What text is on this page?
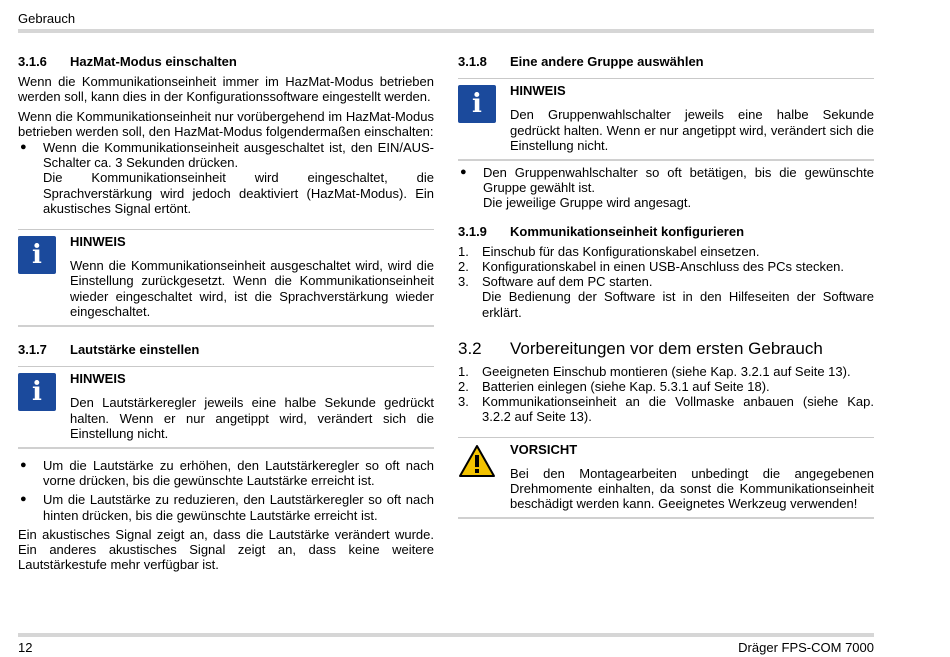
Gebrauch
3.1.6	HazMat-Modus einschalten

Wenn die Kommunikationseinheit immer im HazMat-Modus betrieben werden soll, kann dies in der Konfigurationssoftware eingestellt werden.

Wenn die Kommunikationseinheit nur vorübergehend im HazMat-Modus betrieben werden soll, den HazMat-Modus folgendermaßen einschalten:

●	Wenn die Kommunikationseinheit ausgeschaltet ist, den EIN/AUS-Schalter ca. 3 Sekunden drücken.

Die Kommunikationseinheit wird eingeschaltet, die Sprachverstärkung wird jedoch deaktiviert (HazMat-Modus). Ein akustisches Signal ertönt.

i	HINWEIS

Wenn die Kommunikationseinheit ausgeschaltet wird, wird die Einstellung zurückgesetzt. Wenn die Kommunikationseinheit wieder eingeschaltet wird, ist die Sprachverstärkung wieder eingeschaltet.

3.1.7	Lautstärke einstellen
i	HINWEIS

Den Lautstärkeregler jeweils eine halbe Sekunde gedrückt halten. Wenn er nur angetippt wird, verändert sich die Einstellung nicht.

●	Um die Lautstärke zu erhöhen, den Lautstärkeregler so oft nach vorne drücken, bis die gewünschte Lautstärke erreicht ist.

●	Um die Lautstärke zu reduzieren, den Lautstärkeregler so oft nach hinten drücken, bis die gewünschte Lautstärke erreicht ist.

Ein akustisches Signal zeigt an, dass die Lautstärke verändert wurde. Ein anderes akustisches Signal zeigt an, dass keine weitere Lautstärkestufe mehr verfügbar ist.

3.1.8	Eine andere Gruppe auswählen
i	HINWEIS

Den Gruppenwahlschalter jeweils eine halbe Sekunde gedrückt halten. Wenn er nur angetippt wird, verändert sich die Einstellung nicht.

●	Den Gruppenwahlschalter so oft betätigen, bis die gewünschte Gruppe gewählt ist.

Die jeweilige Gruppe wird angesagt.

3.1.9	Kommunikationseinheit konfigurieren
1.	Einschub für das Konfigurationskabel einsetzen.
2.	Konfigurationskabel in einen USB-Anschluss des PCs stecken.
3.	Software auf dem PC starten.

Die Bedienung der Software ist in den Hilfeseiten der Software erklärt.

3.2	Vorbereitungen vor dem ersten Gebrauch
1.	Geeigneten Einschub montieren (siehe Kap. 3.2.1 auf Seite 13).
2.	Batterien einlegen (siehe Kap. 5.3.1 auf Seite 18).
3.	Kommunikationseinheit an die Vollmaske anbauen (siehe Kap. 3.2.2 auf Seite 13).
VORSICHT

Bei den Montagearbeiten unbedingt die angegebenen Drehmomente einhalten, da sonst die Kommunikationseinheit beschädigt werden kann. Geeignetes Werkzeug verwenden!

12	Dräger FPS-COM 7000
